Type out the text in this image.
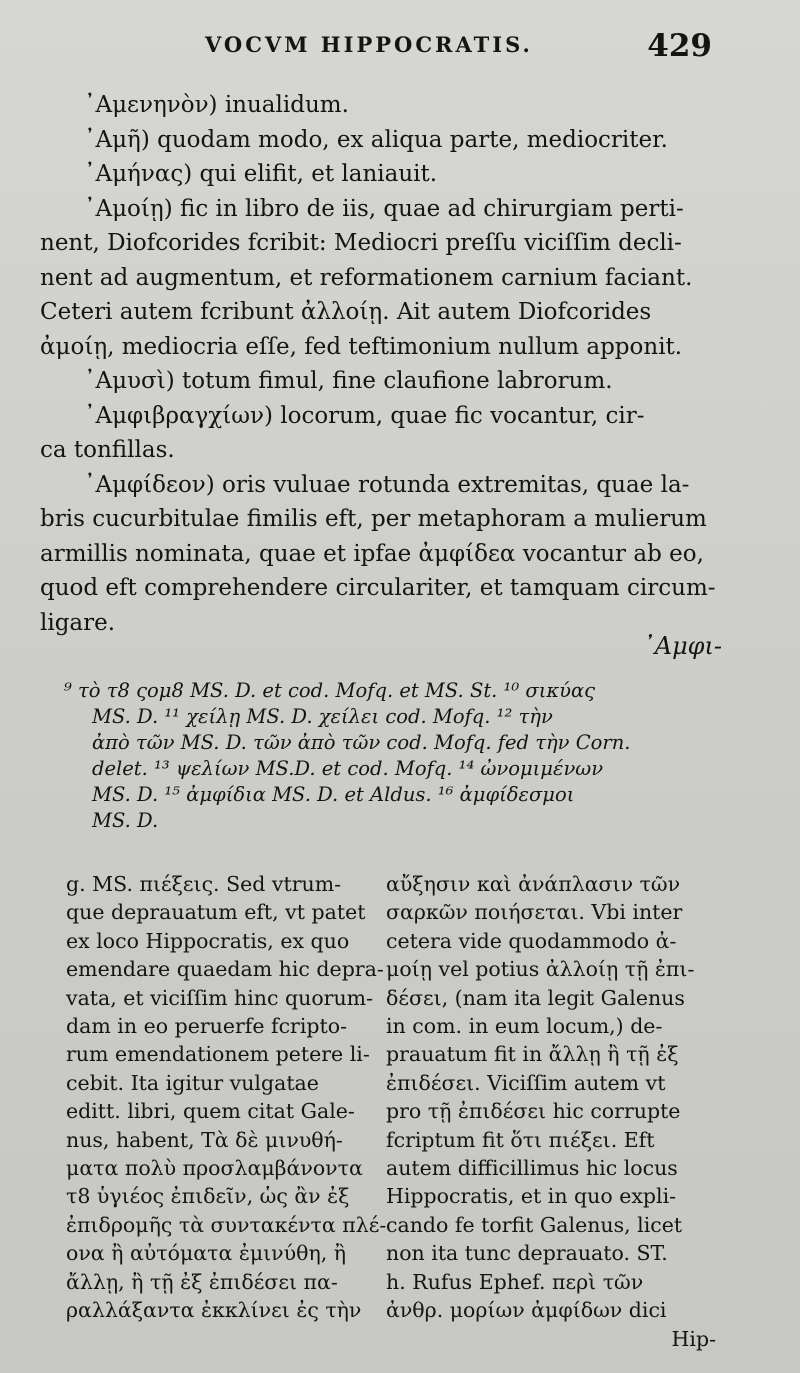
VOCVM HIPPOCRATIS.	429
᾿Αμενηνὸν) inualidum.
᾿Αμῆ) quodam modo, ex aliqua parte, mediocriter.
᾿Αμήνας) qui elifit, et laniauit.
᾿Αμοίῃ) fic in libro de iis, quae ad chirurgiam perti-
nent, Diofcorides fcribit: Mediocri preſſu viciſſim decli-
nent ad augmentum, et reformationem carnium faciant.
Ceteri autem fcribunt ἀλλοίῃ. Ait autem Diofcorides
ἀμοίῃ, mediocria eſſe, fed teftimonium nullum apponit.
᾿Αμυσὶ) totum fimul, fine claufione labrorum.
᾿Αμφιβραγχίων) locorum, quae fic vocantur, cir-
ca tonfillas.
᾿Αμφίδεον) oris vuluae rotunda extremitas, quae la-
bris cucurbitulae fimilis eft, per metaphoram a mulierum
armillis nominata, quae et ipfae ἀμφίδεα vocantur ab eo,
quod eft comprehendere circulariter, et tamquam circum-
ligare.
᾿Αμφι-
⁹ τὸ τ8 ςομ8 MS. D. et cod. Mofq. et MS. St. ¹⁰ σικύας
MS. D. ¹¹ χείλῃ MS. D. χείλει cod. Mofq. ¹² τὴν
ἀπὸ τῶν MS. D. τῶν ἀπὸ τῶν cod. Mofq. fed τὴν Corn.
delet. ¹³ ψελίων MS.D. et cod. Mofq. ¹⁴ ὠνομιμένων
MS. D. ¹⁵ ἀμφίδια MS. D. et Aldus. ¹⁶ ἀμφίδεσμοι
MS. D.
g. MS. πιέξεις. Sed vtrum-
que deprauatum eft, vt patet
ex loco Hippocratis, ex quo
emendare quaedam hic depra-
vata, et viciſſim hinc quorum-
dam in eo peruerfe fcripto-
rum emendationem petere li-
cebit. Ita igitur vulgatae
editt. libri, quem citat Gale-
nus, habent, Τὰ δὲ μινυθή-
ματα πολὺ προσλαμβάνοντα
τ8 ὑγιέος ἐπιδεῖν, ὡς ἂν ἐξ
ἐπιδρομῆς τὰ συντακέντα πλέ-
ονα ἢ αὐτόματα ἐμινύθη, ἢ
ἄλλῃ, ἢ τῇ ἐξ ἐπιδέσει πα-
ραλλάξαντα ἐκκλίνει ἐς τὴν
αὔξησιν καὶ ἀνάπλασιν τῶν
σαρκῶν ποιήσεται. Vbi inter
cetera vide quodammodo ἀ-
μοίῃ vel potius ἀλλοίῃ τῇ ἐπι-
δέσει, (nam ita legit Galenus
in com. in eum locum,) de-
prauatum fit in ἄλλῃ ἢ τῇ ἐξ
ἐπιδέσει. Viciſſim autem vt
pro τῇ ἐπιδέσει hic corrupte
fcriptum fit ὅτι πιέξει. Eft
autem difficillimus hic locus
Hippocratis, et in quo expli-
cando fe torfit Galenus, licet
non ita tunc deprauato. ST.
h. Rufus Ephef. περὶ τῶν
ἀνθρ. μορίων ἀμφίδων dici
Hip-
